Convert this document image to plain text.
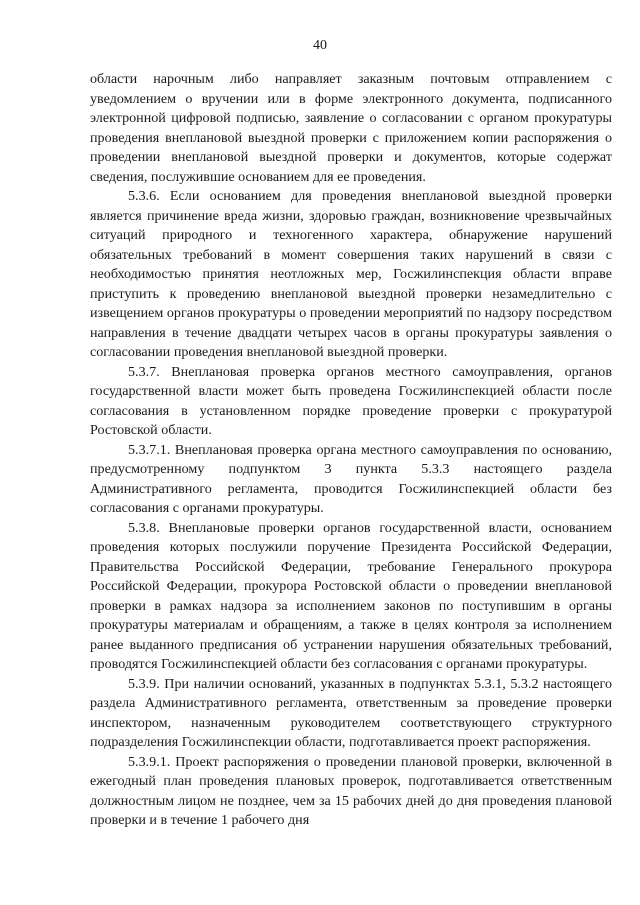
40

области нарочным либо направляет заказным почтовым отправлением с уведомлением о вручении или в форме электронного документа, подписанного электронной цифровой подписью, заявление о согласовании с органом прокуратуры проведения внеплановой выездной проверки с приложением копии распоряжения о проведении внеплановой выездной проверки и документов, которые содержат сведения, послужившие основанием для ее проведения.

5.3.6. Если основанием для проведения внеплановой выездной проверки является причинение вреда жизни, здоровью граждан, возникновение чрезвычайных ситуаций природного и техногенного характера, обнаружение нарушений обязательных требований в момент совершения таких нарушений в связи с необходимостью принятия неотложных мер, Госжилинспекция области вправе приступить к проведению внеплановой выездной проверки незамедлительно с извещением органов прокуратуры о проведении мероприятий по надзору посредством направления в течение двадцати четырех часов в органы прокуратуры заявления о согласовании проведения внеплановой выездной проверки.

5.3.7. Внеплановая проверка органов местного самоуправления, органов государственной власти может быть проведена Госжилинспекцией области после согласования в установленном порядке проведение проверки с прокуратурой Ростовской области.

5.3.7.1. Внеплановая проверка органа местного самоуправления по основанию, предусмотренному подпунктом 3 пункта 5.3.3 настоящего раздела Административного регламента, проводится Госжилинспекцией области без согласования с органами прокуратуры.

5.3.8. Внеплановые проверки органов государственной власти, основанием проведения которых послужили поручение Президента Российской Федерации, Правительства Российской Федерации, требование Генерального прокурора Российской Федерации, прокурора Ростовской области о проведении внеплановой проверки в рамках надзора за исполнением законов по поступившим в органы прокуратуры материалам и обращениям, а также в целях контроля за исполнением ранее выданного предписания об устранении нарушения обязательных требований, проводятся Госжилинспекцией области без согласования с органами прокуратуры.

5.3.9. При наличии оснований, указанных в подпунктах 5.3.1, 5.3.2 настоящего раздела Административного регламента, ответственным за проведение проверки инспектором, назначенным руководителем соответствующего структурного подразделения Госжилинспекции области, подготавливается проект распоряжения.

5.3.9.1. Проект распоряжения о проведении плановой проверки, включенной в ежегодный план проведения плановых проверок, подготавливается ответственным должностным лицом не позднее, чем за 15 рабочих дней до дня проведения плановой проверки и в течение 1 рабочего дня
